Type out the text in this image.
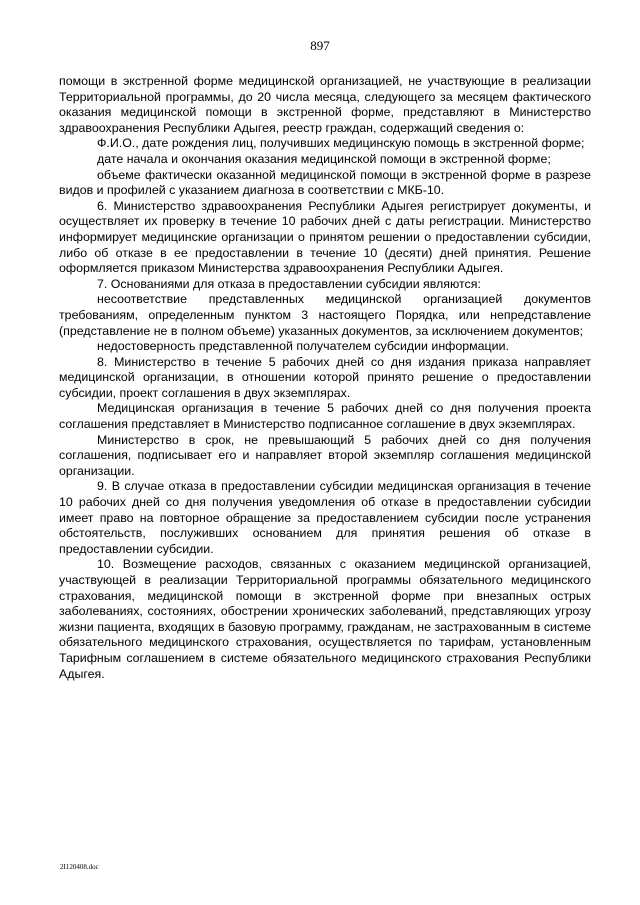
897

помощи в экстренной форме медицинской организацией, не участвующие в реализации Территориальной программы, до 20 числа месяца, следующего за месяцем фактического оказания медицинской помощи в экстренной форме, представляют в Министерство здравоохранения Республики Адыгея, реестр граждан, содержащий сведения о:

Ф.И.О., дате рождения лиц, получивших медицинскую помощь в экстренной форме;

дате начала и окончания оказания медицинской помощи в экстренной форме;

объеме фактически оказанной медицинской помощи в экстренной форме в разрезе видов и профилей с указанием диагноза в соответствии с МКБ-10.

6. Министерство здравоохранения Республики Адыгея регистрирует документы, и осуществляет их проверку в течение 10 рабочих дней с даты регистрации. Министерство информирует медицинские организации о принятом решении о предоставлении субсидии, либо об отказе в ее предоставлении в течение 10 (десяти) дней принятия. Решение оформляется приказом Министерства здравоохранения Республики Адыгея.

7. Основаниями для отказа в предоставлении субсидии являются:

несоответствие представленных медицинской организацией документов требованиям, определенным пунктом 3 настоящего Порядка, или непредставление (представление не в полном объеме) указанных документов, за исключением документов;

недостоверность представленной получателем субсидии информации.

8. Министерство в течение 5 рабочих дней со дня издания приказа направляет медицинской организации, в отношении которой принято решение о предоставлении субсидии, проект соглашения в двух экземплярах.

Медицинская организация в течение 5 рабочих дней со дня получения проекта соглашения представляет в Министерство подписанное соглашение в двух экземплярах.

Министерство в срок, не превышающий 5 рабочих дней со дня получения соглашения, подписывает его и направляет второй экземпляр соглашения медицинской организации.

9. В случае отказа в предоставлении субсидии медицинская организация в течение 10 рабочих дней со дня получения уведомления об отказе в предоставлении субсидии имеет право на повторное обращение за предоставлением субсидии после устранения обстоятельств, послуживших основанием для принятия решения об отказе в предоставлении субсидии.

10. Возмещение расходов, связанных с оказанием медицинской организацией, участвующей в реализации Территориальной программы обязательного медицинского страхования, медицинской помощи в экстренной форме при внезапных острых заболеваниях, состояниях, обострении хронических заболеваний, представляющих угрозу жизни пациента, входящих в базовую программу, гражданам, не застрахованным в системе обязательного медицинского страхования, осуществляется по тарифам, установленным Тарифным соглашением в системе обязательного медицинского страхования Республики Адыгея.

2I120408.doc
